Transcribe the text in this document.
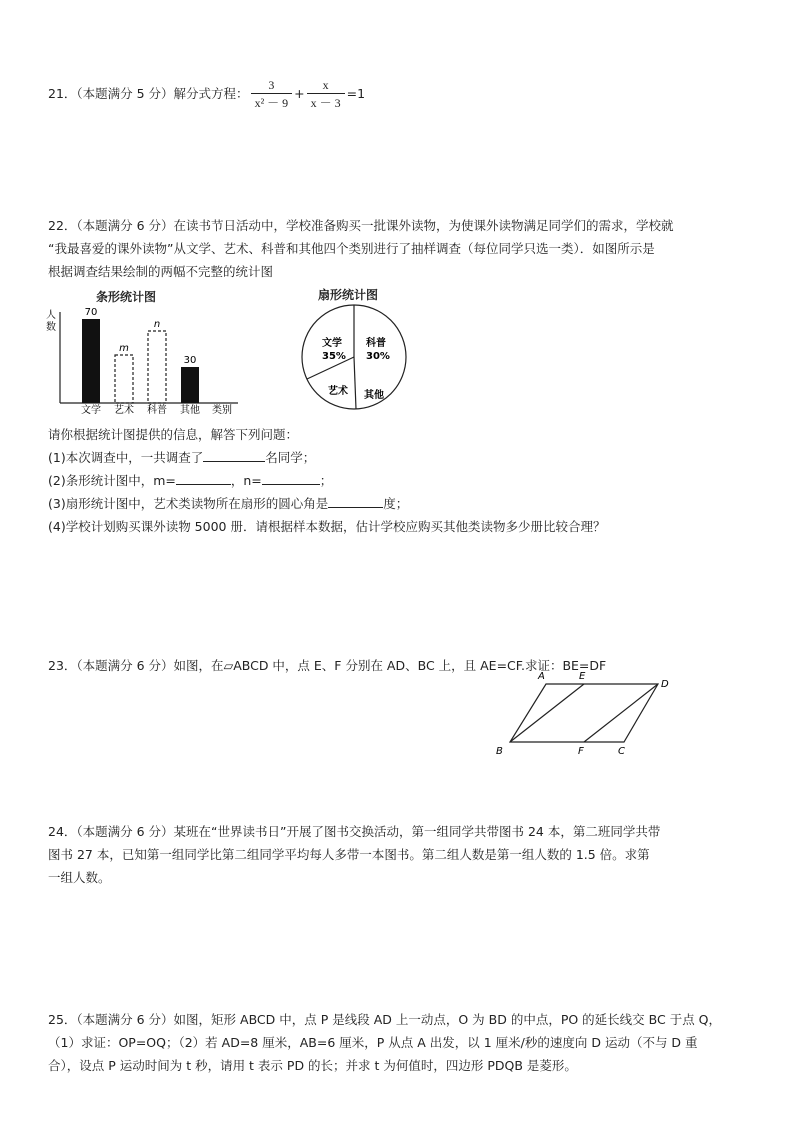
21．（本题满分 5 分）解分式方程： $\frac{3}{\text{x² － 9}} + \frac{x}{x - 3} =1$
22．（本题满分 6 分）在读书节日活动中，学校准备购买一批课外读物，为使课外读物满足同学们的需求，学校就
“我最喜爱的课外读物”从文学、艺术、科普和其他四个类别进行了抽样调查（每位同学只选一类）．如图所示是
根据调查结果绘制的两幅不完整的统计图
条形统计图
人
数
70
文学
m
艺术
n
科普
30
其他 类别
扇形统计图
文学
35%
科普
30%
其他
艺术
请你根据统计图提供的信息，解答下列问题：
(1)本次调查中，一共调查了	名同学；
(2)条形统计图中，m=	，n=	；
(3)扇形统计图中，艺术类读物所在扇形的圆心角是	度；
(4)学校计划购买课外读物 5000 册．请根据样本数据，估计学校应购买其他类读物多少册比较合理？
23．（本题满分 6 分）如图，在▱ABCD 中，点 E、F 分别在 AD、BC 上，且 AE=CF.求证：BE=DF
A	E
D
B	F	C
24．（本题满分 6 分）某班在“世界读书日”开展了图书交换活动，第一组同学共带图书 24 本，第二班同学共带
图书 27 本，已知第一组同学比第二组同学平均每人多带一本图书。第二组人数是第一组人数的 1.5 倍。求第
一组人数。
25．（本题满分 6 分）如图，矩形 ABCD 中，点 P 是线段 AD 上一动点，O 为 BD 的中点，PO 的延长线交 BC 于点 Q，
（1）求证：OP=OQ；（2）若 AD=8 厘米，AB=6 厘米，P 从点 A 出发，以 1 厘米/秒的速度向 D 运动（不与 D 重
合），设点 P 运动时间为 t 秒，请用 t 表示 PD 的长；并求 t 为何值时，四边形 PDQB 是菱形。
